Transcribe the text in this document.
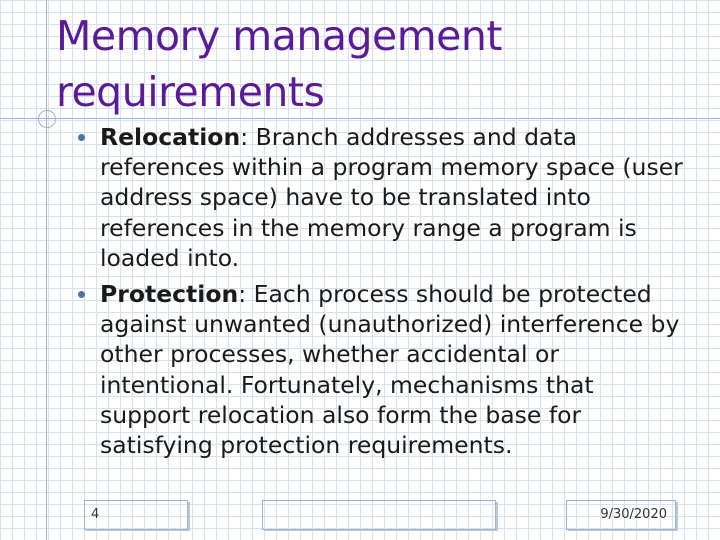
Memory management
requirements
Relocation: Branch addresses and data references within a program memory space (user address space) have to be translated into references in the memory range a program is loaded into.
Protection: Each process should be protected against unwanted (unauthorized) interference by other processes, whether accidental or intentional. Fortunately, mechanisms that support relocation also form the base for satisfying protection requirements.
4	9/30/2020
